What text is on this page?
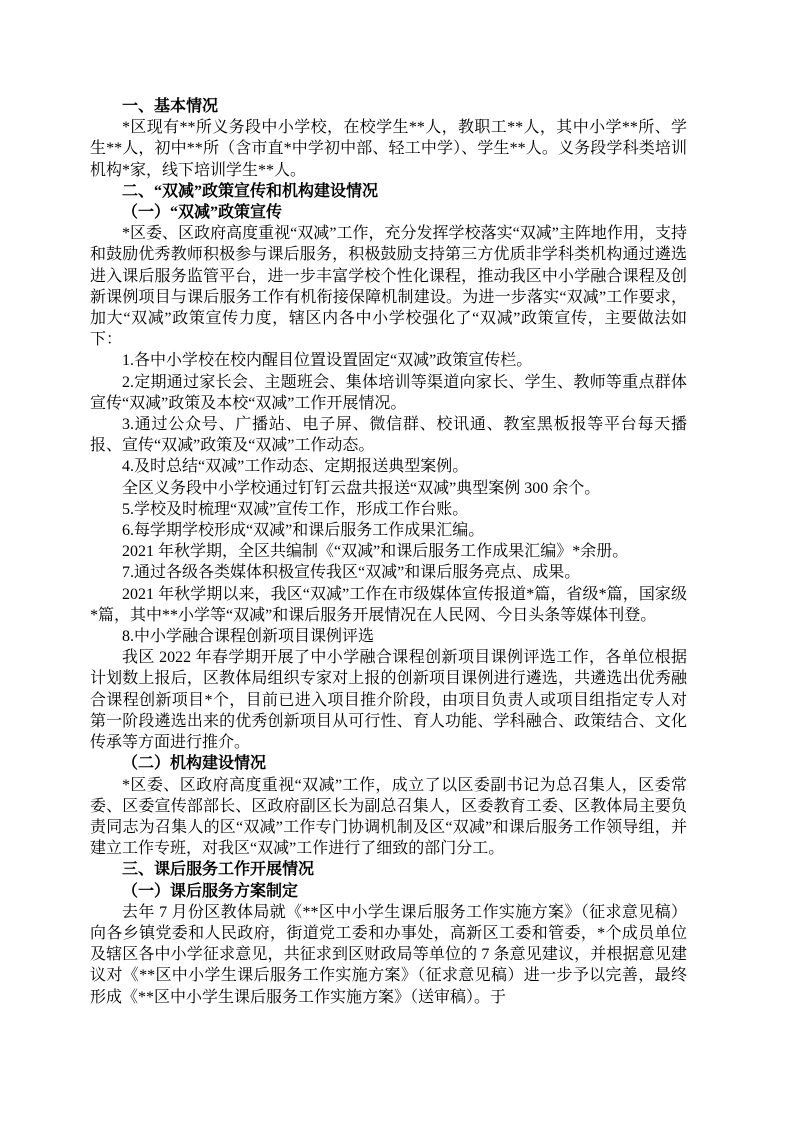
一、基本情况

*区现有**所义务段中小学校，在校学生**人，教职工**人，其中小学**所、学生**人，初中**所（含市直*中学初中部、轻工中学）、学生**人。义务段学科类培训机构*家，线下培训学生**人。

二、“双减”政策宣传和机构建设情况

（一）“双减”政策宣传

*区委、区政府高度重视“双减”工作，充分发挥学校落实“双减”主阵地作用，支持和鼓励优秀教师积极参与课后服务，积极鼓励支持第三方优质非学科类机构通过遴选进入课后服务监管平台，进一步丰富学校个性化课程，推动我区中小学融合课程及创新课例项目与课后服务工作有机衔接保障机制建设。为进一步落实“双减”工作要求，加大“双减”政策宣传力度，辖区内各中小学校强化了“双减”政策宣传，主要做法如下：

1.各中小学校在校内醒目位置设置固定“双减”政策宣传栏。

2.定期通过家长会、主题班会、集体培训等渠道向家长、学生、教师等重点群体宣传“双减”政策及本校“双减”工作开展情况。

3.通过公众号、广播站、电子屏、微信群、校讯通、教室黑板报等平台每天播报、宣传“双减”政策及“双减”工作动态。

4.及时总结“双减”工作动态、定期报送典型案例。

全区义务段中小学校通过钉钉云盘共报送“双减”典型案例 300 余个。

5.学校及时梳理“双减”宣传工作，形成工作台账。

6.每学期学校形成“双减”和课后服务工作成果汇编。

2021 年秋学期，全区共编制《“双减”和课后服务工作成果汇编》*余册。

7.通过各级各类媒体积极宣传我区“双减”和课后服务亮点、成果。

2021 年秋学期以来，我区“双减”工作在市级媒体宣传报道*篇，省级*篇，国家级*篇，其中**小学等“双减”和课后服务开展情况在人民网、今日头条等媒体刊登。

8.中小学融合课程创新项目课例评选

我区 2022 年春学期开展了中小学融合课程创新项目课例评选工作，各单位根据计划数上报后，区教体局组织专家对上报的创新项目课例进行遴选，共遴选出优秀融合课程创新项目*个，目前已进入项目推介阶段，由项目负责人或项目组指定专人对第一阶段遴选出来的优秀创新项目从可行性、育人功能、学科融合、政策结合、文化传承等方面进行推介。

（二）机构建设情况

*区委、区政府高度重视“双减”工作，成立了以区委副书记为总召集人，区委常委、区委宣传部部长、区政府副区长为副总召集人，区委教育工委、区教体局主要负责同志为召集人的区“双减”工作专门协调机制及区“双减”和课后服务工作领导组，并建立工作专班，对我区“双减”工作进行了细致的部门分工。

三、课后服务工作开展情况

（一）课后服务方案制定

去年 7 月份区教体局就《**区中小学生课后服务工作实施方案》（征求意见稿）向各乡镇党委和人民政府，街道党工委和办事处，高新区工委和管委，*个成员单位及辖区各中小学征求意见，共征求到区财政局等单位的 7 条意见建议，并根据意见建议对《**区中小学生课后服务工作实施方案》（征求意见稿）进一步予以完善，最终形成《**区中小学生课后服务工作实施方案》（送审稿）。于
